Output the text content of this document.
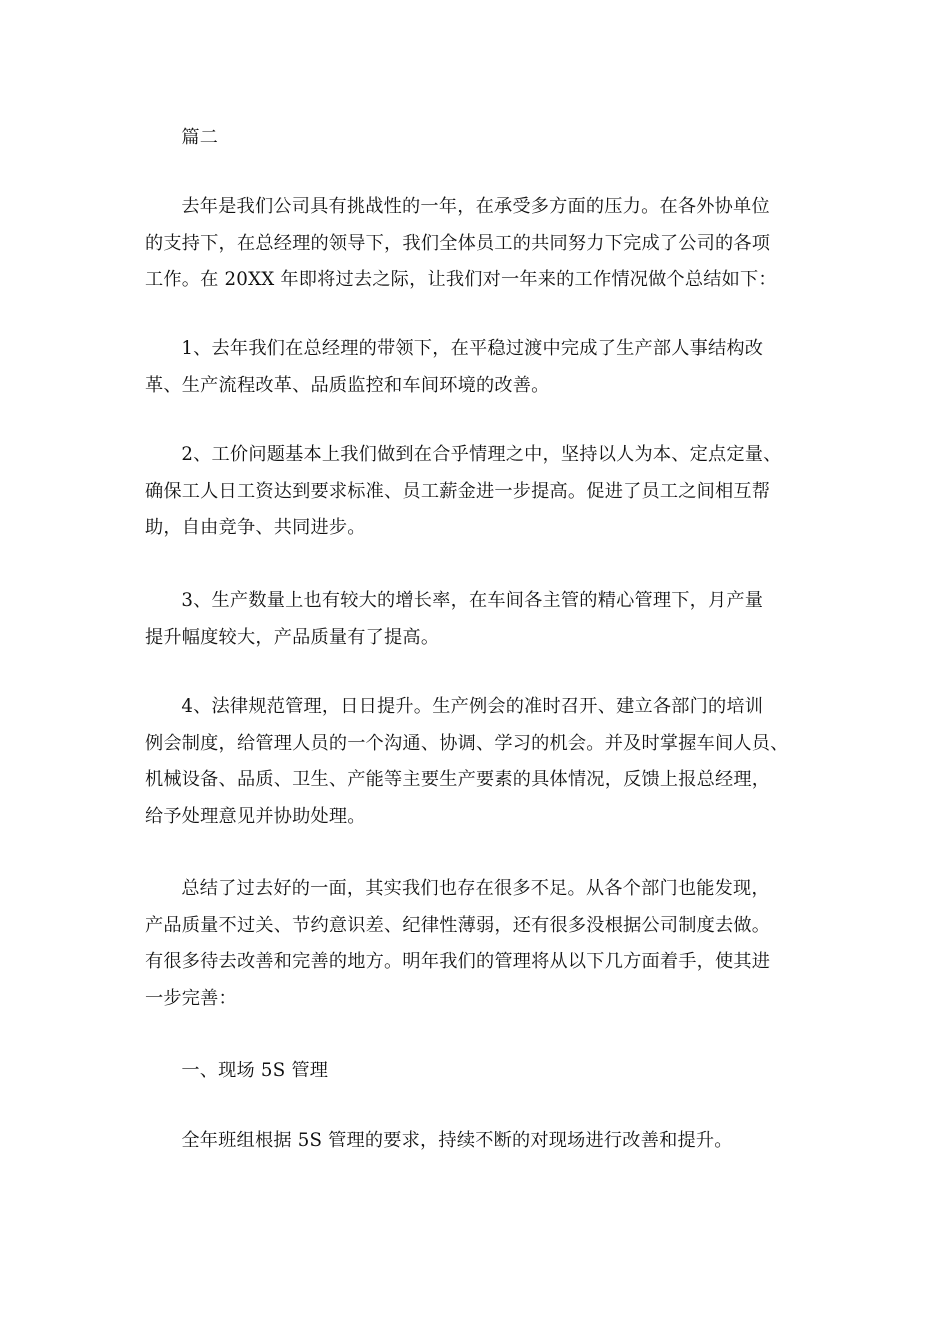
篇二

去年是我们公司具有挑战性的一年，在承受多方面的压力。在各外协单位
的支持下，在总经理的领导下，我们全体员工的共同努力下完成了公司的各项
工作。在 20XX 年即将过去之际，让我们对一年来的工作情况做个总结如下：

1、去年我们在总经理的带领下，在平稳过渡中完成了生产部人事结构改
革、生产流程改革、品质监控和车间环境的改善。

2、工价问题基本上我们做到在合乎情理之中，坚持以人为本、定点定量、
确保工人日工资达到要求标准、员工薪金进一步提高。促进了员工之间相互帮
助，自由竞争、共同进步。

3、生产数量上也有较大的增长率，在车间各主管的精心管理下，月产量
提升幅度较大，产品质量有了提高。

4、法律规范管理，日日提升。生产例会的准时召开、建立各部门的培训
例会制度，给管理人员的一个沟通、协调、学习的机会。并及时掌握车间人员、
机械设备、品质、卫生、产能等主要生产要素的具体情况，反馈上报总经理，
给予处理意见并协助处理。

总结了过去好的一面，其实我们也存在很多不足。从各个部门也能发现，
产品质量不过关、节约意识差、纪律性薄弱，还有很多没根据公司制度去做。
有很多待去改善和完善的地方。明年我们的管理将从以下几方面着手，使其进
一步完善：

一、现场 5S 管理

全年班组根据 5S 管理的要求，持续不断的对现场进行改善和提升。
